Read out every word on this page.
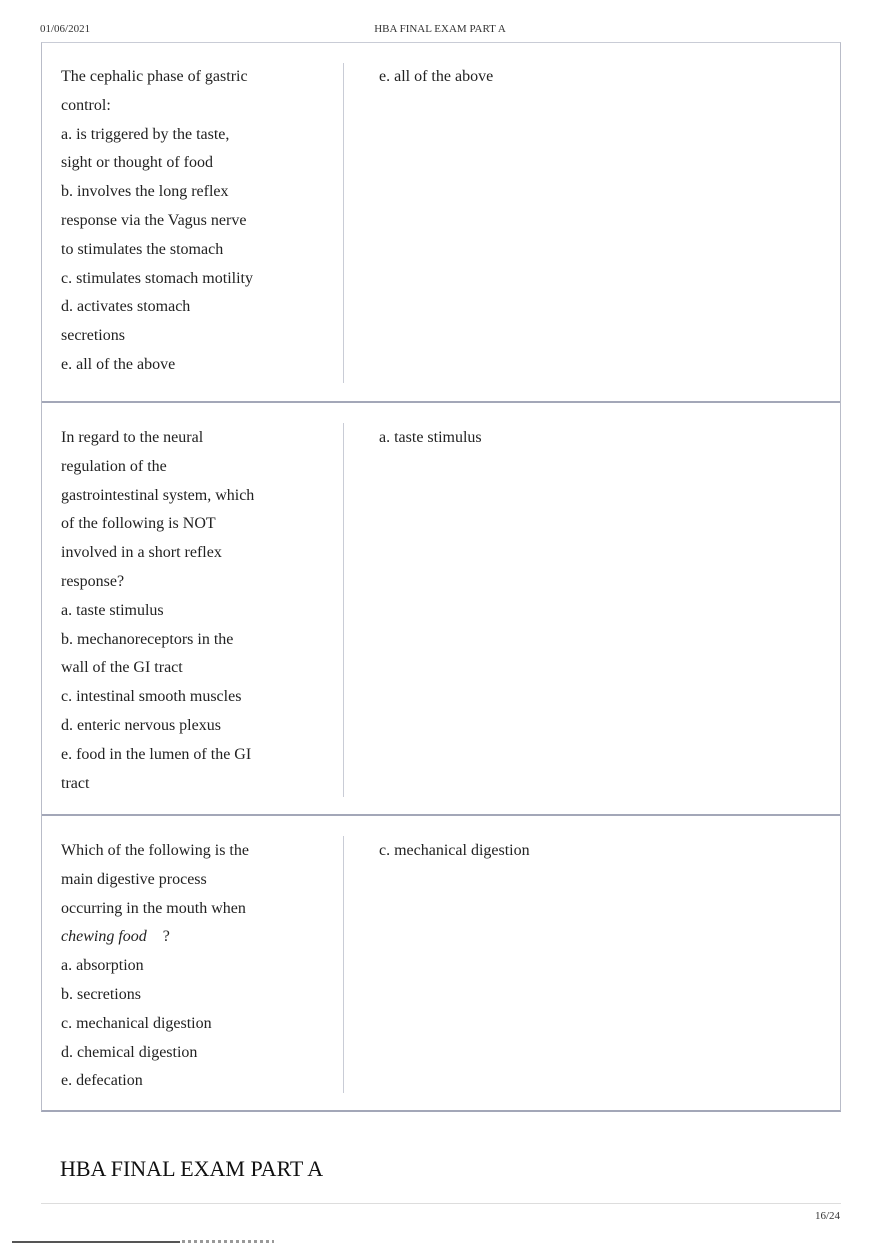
01/06/2021	HBA FINAL EXAM PART A
The cephalic phase of gastric
control:
a. is triggered by the taste,
sight or thought of food
b. involves the long reflex
response via the Vagus nerve
to stimulates the stomach
c. stimulates stomach motility
d. activates stomach
secretions
e. all of the above
e. all of the above
In regard to the neural
regulation of the
gastrointestinal system, which
of the following is NOT
involved in a short reflex
response?
a. taste stimulus
b. mechanoreceptors in the
wall of the GI tract
c. intestinal smooth muscles
d. enteric nervous plexus
e. food in the lumen of the GI
tract
a. taste stimulus
Which of the following is the
main digestive process
occurring in the mouth when
chewing food ?
a. absorption
b. secretions
c. mechanical digestion
d. chemical digestion
e. defecation
c. mechanical digestion
HBA FINAL EXAM PART A
16/24
